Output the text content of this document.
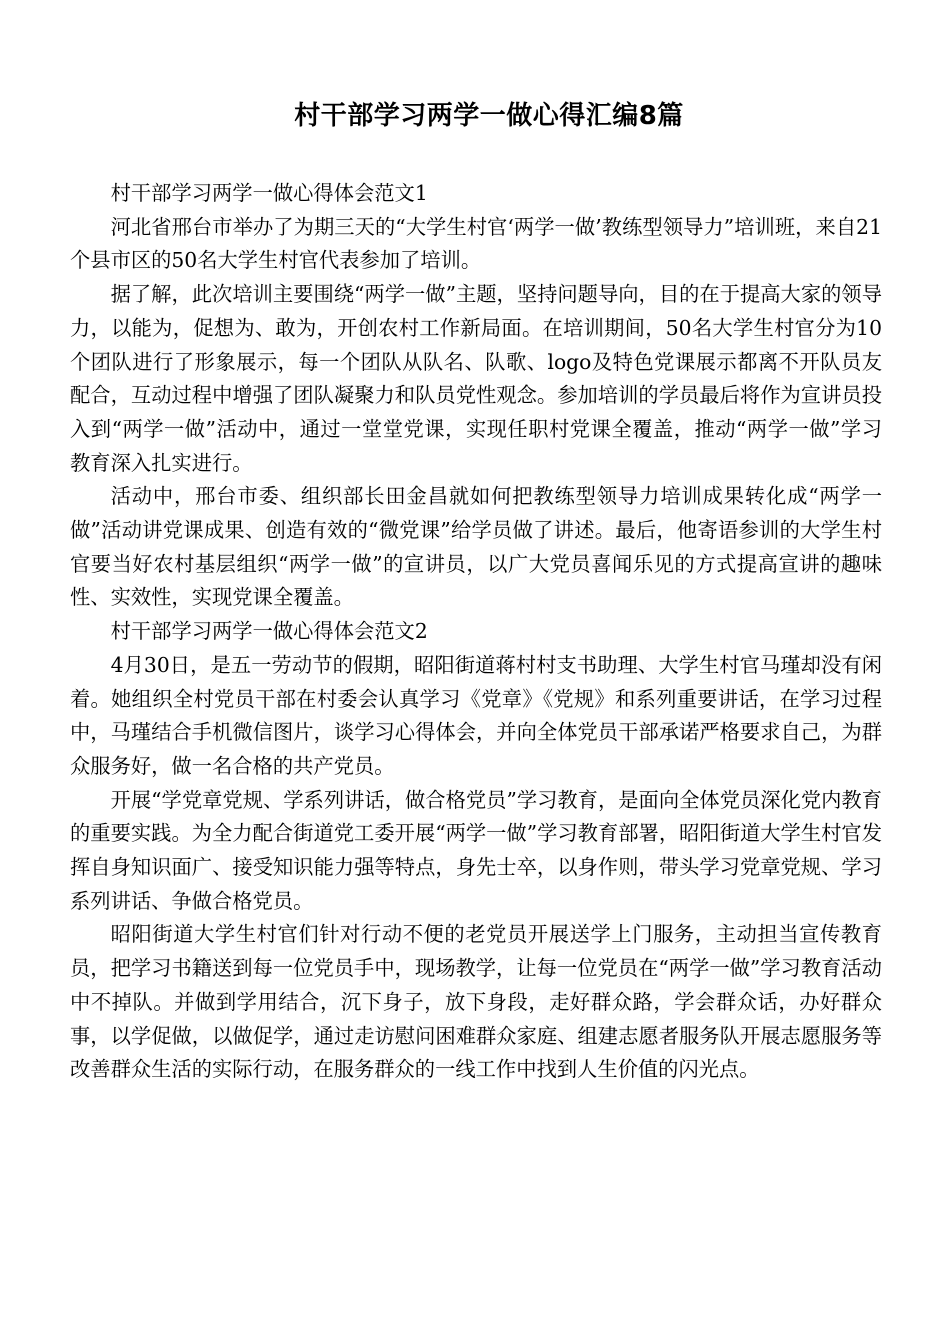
村干部学习两学一做心得汇编8篇

村干部学习两学一做心得体会范文1

河北省邢台市举办了为期三天的“大学生村官‘两学一做’教练型领导力”培训班，来自21个县市区的50名大学生村官代表参加了培训。

据了解，此次培训主要围绕“两学一做”主题，坚持问题导向，目的在于提高大家的领导力，以能为，促想为、敢为，开创农村工作新局面。在培训期间，50名大学生村官分为10个团队进行了形象展示，每一个团队从队名、队歌、logo及特色党课展示都离不开队员友配合，互动过程中增强了团队凝聚力和队员党性观念。参加培训的学员最后将作为宣讲员投入到“两学一做”活动中，通过一堂堂党课，实现任职村党课全覆盖，推动“两学一做”学习教育深入扎实进行。

活动中，邢台市委、组织部长田金昌就如何把教练型领导力培训成果转化成“两学一做”活动讲党课成果、创造有效的“微党课”给学员做了讲述。最后，他寄语参训的大学生村官要当好农村基层组织“两学一做”的宣讲员，以广大党员喜闻乐见的方式提高宣讲的趣味性、实效性，实现党课全覆盖。

村干部学习两学一做心得体会范文2

4月30日，是五一劳动节的假期，昭阳街道蒋村村支书助理、大学生村官马瑾却没有闲着。她组织全村党员干部在村委会认真学习《党章》《党规》和系列重要讲话，在学习过程中，马瑾结合手机微信图片，谈学习心得体会，并向全体党员干部承诺严格要求自己，为群众服务好，做一名合格的共产党员。

开展“学党章党规、学系列讲话，做合格党员”学习教育，是面向全体党员深化党内教育的重要实践。为全力配合街道党工委开展“两学一做”学习教育部署，昭阳街道大学生村官发挥自身知识面广、接受知识能力强等特点，身先士卒，以身作则，带头学习党章党规、学习系列讲话、争做合格党员。

昭阳街道大学生村官们针对行动不便的老党员开展送学上门服务，主动担当宣传教育员，把学习书籍送到每一位党员手中，现场教学，让每一位党员在“两学一做”学习教育活动中不掉队。并做到学用结合，沉下身子，放下身段，走好群众路，学会群众话，办好群众事，以学促做，以做促学，通过走访慰问困难群众家庭、组建志愿者服务队开展志愿服务等改善群众生活的实际行动，在服务群众的一线工作中找到人生价值的闪光点。
